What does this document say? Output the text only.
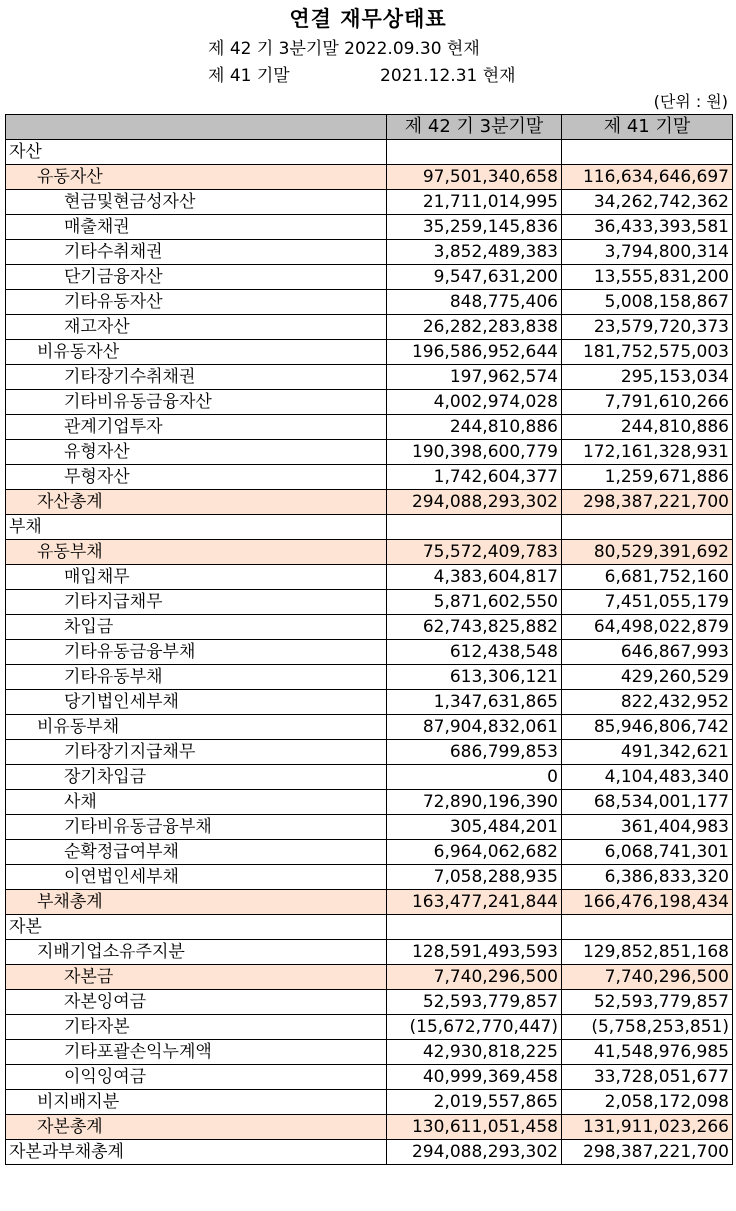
연결 재무상태표
제 42 기 3분기말 2022.09.30 현재
제 41 기말	2021.12.31 현재
(단위 : 원)
	제 42 기 3분기말	제 41 기말
자산		
유동자산	97,501,340,658	116,634,646,697
현금및현금성자산	21,711,014,995	34,262,742,362
매출채권	35,259,145,836	36,433,393,581
기타수취채권	3,852,489,383	3,794,800,314
단기금융자산	9,547,631,200	13,555,831,200
기타유동자산	848,775,406	5,008,158,867
재고자산	26,282,283,838	23,579,720,373
비유동자산	196,586,952,644	181,752,575,003
기타장기수취채권	197,962,574	295,153,034
기타비유동금융자산	4,002,974,028	7,791,610,266
관계기업투자	244,810,886	244,810,886
유형자산	190,398,600,779	172,161,328,931
무형자산	1,742,604,377	1,259,671,886
자산총계	294,088,293,302	298,387,221,700
부채		
유동부채	75,572,409,783	80,529,391,692
매입채무	4,383,604,817	6,681,752,160
기타지급채무	5,871,602,550	7,451,055,179
차입금	62,743,825,882	64,498,022,879
기타유동금융부채	612,438,548	646,867,993
기타유동부채	613,306,121	429,260,529
당기법인세부채	1,347,631,865	822,432,952
비유동부채	87,904,832,061	85,946,806,742
기타장기지급채무	686,799,853	491,342,621
장기차입금	0	4,104,483,340
사채	72,890,196,390	68,534,001,177
기타비유동금융부채	305,484,201	361,404,983
순확정급여부채	6,964,062,682	6,068,741,301
이연법인세부채	7,058,288,935	6,386,833,320
부채총계	163,477,241,844	166,476,198,434
자본		
지배기업소유주지분	128,591,493,593	129,852,851,168
자본금	7,740,296,500	7,740,296,500
자본잉여금	52,593,779,857	52,593,779,857
기타자본	(15,672,770,447)	(5,758,253,851)
기타포괄손익누계액	42,930,818,225	41,548,976,985
이익잉여금	40,999,369,458	33,728,051,677
비지배지분	2,019,557,865	2,058,172,098
자본총계	130,611,051,458	131,911,023,266
자본과부채총계	294,088,293,302	298,387,221,700
